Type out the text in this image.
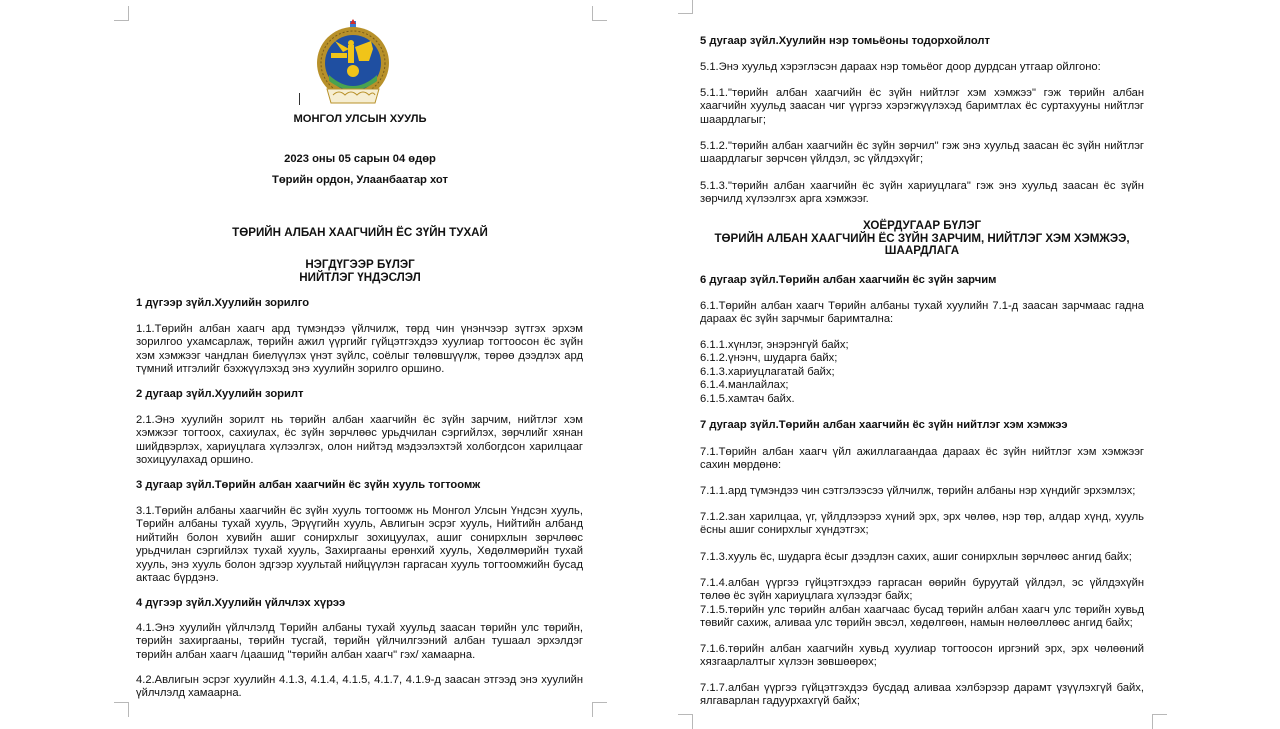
МОНГОЛ УЛСЫН ХУУЛЬ
2023 оны 05 сарын 04 өдөр
Төрийн ордон, Улаанбаатар хот
ТӨРИЙН АЛБАН ХААГЧИЙН ЁС ЗҮЙН ТУХАЙ
НЭГДҮГЭЭР БҮЛЭГ
НИЙТЛЭГ ҮНДЭСЛЭЛ
1 дүгээр зүйл.Хуулийн зорилго

1.1.Төрийн албан хаагч ард түмэндээ үйлчилж, төрд чин үнэнчээр зүтгэх эрхэм зорилгоо ухамсарлаж, төрийн ажил үүргийг гүйцэтгэхдээ хуулиар тогтоосон ёс зүйн хэм хэмжээг чандлан биелүүлэх үнэт зүйлс, соёлыг төлөвшүүлж, төрөө дээдлэх ард түмний итгэлийг бэхжүүлэхэд энэ хуулийн зорилго оршино.

2 дугаар зүйл.Хуулийн зорилт

2.1.Энэ хуулийн зорилт нь төрийн албан хаагчийн ёс зүйн зарчим, нийтлэг хэм хэмжээг тогтоох, сахиулах, ёс зүйн зөрчлөөс урьдчилан сэргийлэх, зөрчлийг хянан шийдвэрлэх, хариуцлага хүлээлгэх, олон нийтэд мэдээлэхтэй холбогдсон харилцааг зохицуулахад оршино.

3 дугаар зүйл.Төрийн албан хаагчийн ёс зүйн хууль тогтоомж

3.1.Төрийн албаны хаагчийн ёс зүйн хууль тогтоомж нь Монгол Улсын Үндсэн хууль, Төрийн албаны тухай хууль, Эрүүгийн хууль, Авлигын эсрэг хууль, Нийтийн албанд нийтийн болон хувийн ашиг сонирхлыг зохицуулах, ашиг сонирхлын зөрчлөөс урьдчилан сэргийлэх тухай хууль, Захиргааны ерөнхий хууль, Хөдөлмөрийн тухай хууль, энэ хууль болон эдгээр хуультай нийцүүлэн гаргасан хууль тогтоомжийн бусад актаас бүрдэнэ.

4 дүгээр зүйл.Хуулийн үйлчлэх хүрээ

4.1.Энэ хуулийн үйлчлэлд Төрийн албаны тухай хуульд заасан төрийн улс төрийн, төрийн захиргааны, төрийн тусгай, төрийн үйлчилгээний албан тушаал эрхэлдэг төрийн албан хаагч /цаашид "төрийн албан хаагч" гэх/ хамаарна.

4.2.Авлигын эсрэг хуулийн 4.1.3, 4.1.4, 4.1.5, 4.1.7, 4.1.9-д заасан этгээд энэ хуулийн үйлчлэлд хамаарна.

5 дугаар зүйл.Хуулийн нэр томьёоны тодорхойлолт

5.1.Энэ хуульд хэрэглэсэн дараах нэр томьёог доор дурдсан утгаар ойлгоно:

5.1.1."төрийн албан хаагчийн ёс зүйн нийтлэг хэм хэмжээ" гэж төрийн албан хаагчийн хуульд заасан чиг үүргээ хэрэгжүүлэхэд баримтлах ёс суртахууны нийтлэг шаардлагыг;

5.1.2."төрийн албан хаагчийн ёс зүйн зөрчил" гэж энэ хуульд заасан ёс зүйн нийтлэг шаардлагыг зөрчсөн үйлдэл, эс үйлдэхүйг;

5.1.3."төрийн албан хаагчийн ёс зүйн хариуцлага" гэж энэ хуульд заасан ёс зүйн зөрчилд хүлээлгэх арга хэмжээг.

ХОЁРДУГААР БҮЛЭГ
ТӨРИЙН АЛБАН ХААГЧИЙН ЁС ЗҮЙН ЗАРЧИМ, НИЙТЛЭГ ХЭМ ХЭМЖЭЭ,
ШААРДЛАГА
6 дугаар зүйл.Төрийн албан хаагчийн ёс зүйн зарчим

6.1.Төрийн албан хаагч Төрийн албаны тухай хуулийн 7.1-д заасан зарчмаас гадна дараах ёс зүйн зарчмыг баримтална:

6.1.1.хүнлэг, энэрэнгүй байх;
6.1.2.үнэнч, шударга байх;
6.1.3.хариуцлагатай байх;
6.1.4.манлайлах;
6.1.5.хамтач байх.
7 дугаар зүйл.Төрийн албан хаагчийн ёс зүйн нийтлэг хэм хэмжээ

7.1.Төрийн албан хаагч үйл ажиллагаандаа дараах ёс зүйн нийтлэг хэм хэмжээг сахин мөрдөнө:

7.1.1.ард түмэндээ чин сэтгэлээсээ үйлчилж, төрийн албаны нэр хүндийг эрхэмлэх;

7.1.2.зан харилцаа, үг, үйлдлээрээ хүний эрх, эрх чөлөө, нэр төр, алдар хүнд, хууль ёсны ашиг сонирхлыг хүндэтгэх;

7.1.3.хууль ёс, шударга ёсыг дээдлэн сахих, ашиг сонирхлын зөрчлөөс ангид байх;

7.1.4.албан үүргээ гүйцэтгэхдээ гаргасан өөрийн буруутай үйлдэл, эс үйлдэхүйн төлөө ёс зүйн хариуцлага хүлээдэг байх;

7.1.5.төрийн улс төрийн албан хаагчаас бусад төрийн албан хаагч улс төрийн хувьд төвийг сахиж, аливаа улс төрийн эвсэл, хөдөлгөөн, намын нөлөөллөөс ангид байх;

7.1.6.төрийн албан хаагчийн хувьд хуулиар тогтоосон иргэний эрх, эрх чөлөөний хязгаарлалтыг хүлээн зөвшөөрөх;

7.1.7.албан үүргээ гүйцэтгэхдээ бусдад аливаа хэлбэрээр дарамт үзүүлэхгүй байх, ялгаварлан гадуурхахгүй байх;
